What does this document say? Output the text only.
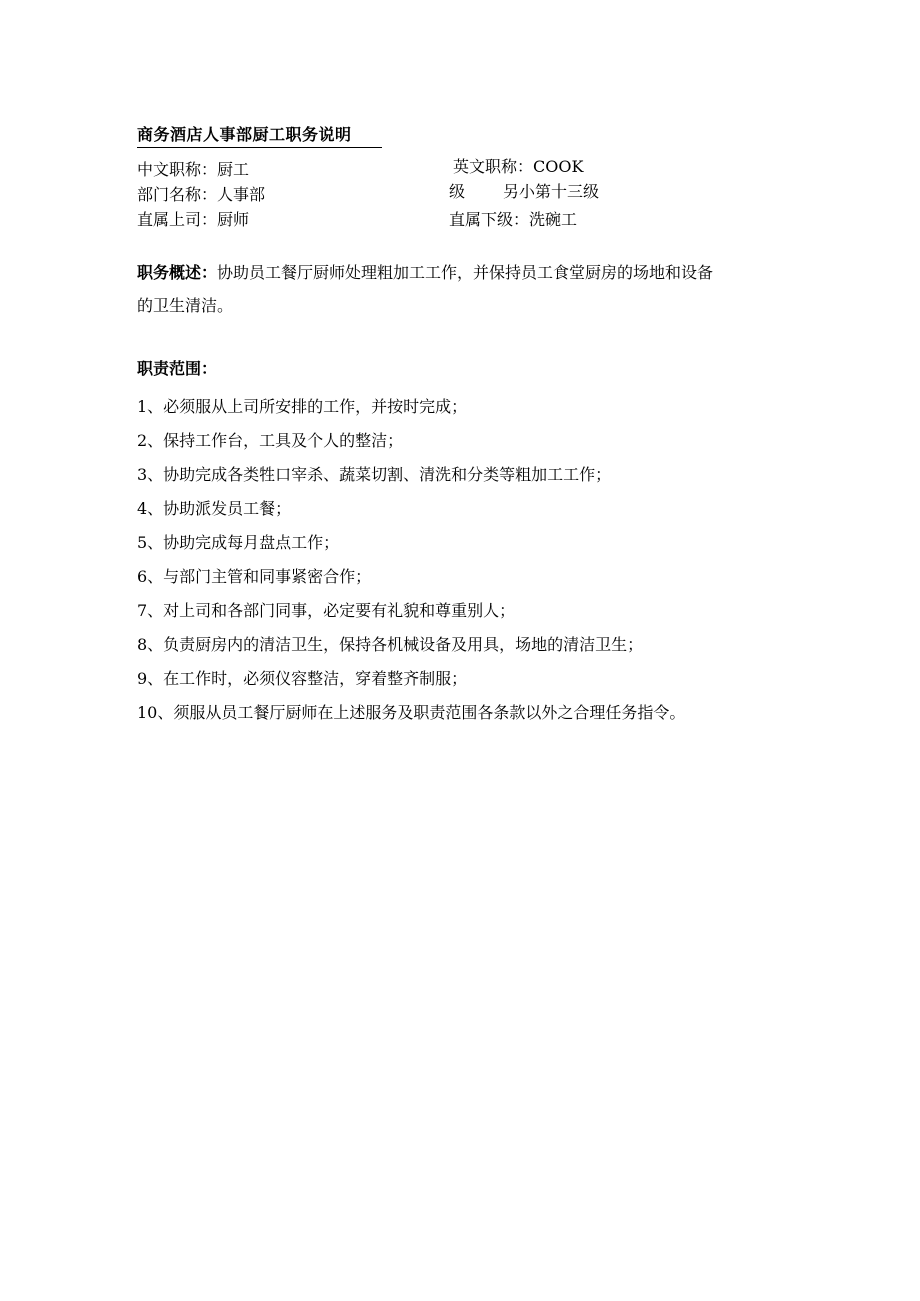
商务酒店人事部厨工职务说明
中文职称：厨工	英文职称：COOK
部门名称：人事部	级 另小第十三级
直属上司：厨师	直属下级：洗碗工
职务概述：协助员工餐厅厨师处理粗加工工作，并保持员工食堂厨房的场地和设备的卫生清洁。
职责范围：
1、必须服从上司所安排的工作，并按时完成；
2、保持工作台，工具及个人的整洁；
3、协助完成各类牲口宰杀、蔬菜切割、清洗和分类等粗加工工作；
4、协助派发员工餐；
5、协助完成每月盘点工作；
6、与部门主管和同事紧密合作；
7、对上司和各部门同事，必定要有礼貌和尊重别人；
8、负责厨房内的清洁卫生，保持各机械设备及用具，场地的清洁卫生；
9、在工作时，必须仪容整洁，穿着整齐制服；
10、须服从员工餐厅厨师在上述服务及职责范围各条款以外之合理任务指令。
